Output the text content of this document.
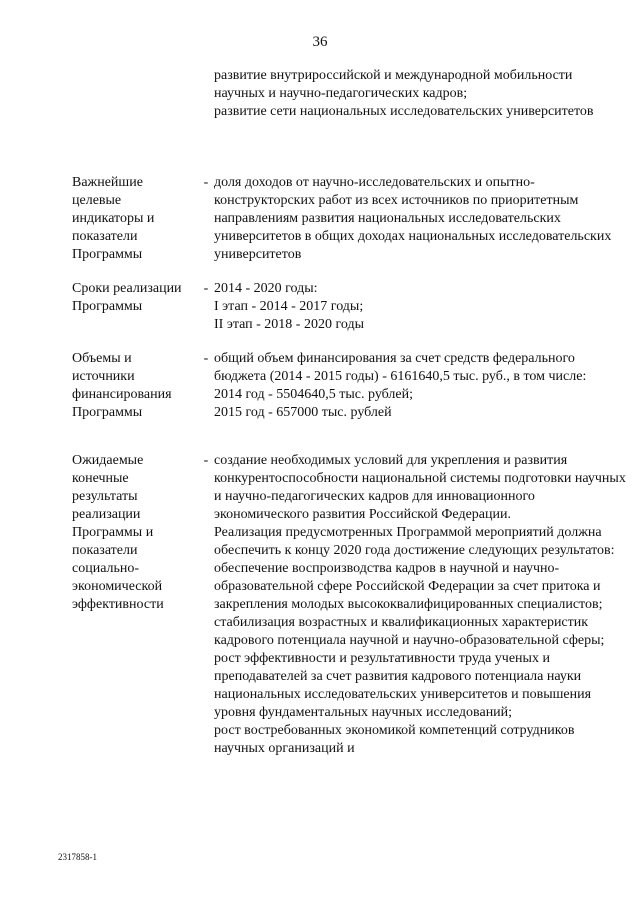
36

развитие внутрироссийской и международной мобильности научных и научно-педагогических кадров;

развитие сети национальных исследовательских университетов

Важнейшие
целевые
индикаторы и
показатели
Программы
- доля доходов от научно-исследовательских и опытно-конструкторских работ из всех источников по приоритетным направлениям развития национальных исследовательских университетов в общих доходах национальных исследовательских университетов

Сроки реализации
Программы
- 2014 - 2020 годы:

I этап - 2014 - 2017 годы;

II этап - 2018 - 2020 годы

Объемы и
источники
финансирования
Программы
- общий объем финансирования за счет средств федерального бюджета (2014 - 2015 годы) - 6161640,5 тыс. руб., в том числе:

2014 год - 5504640,5 тыс. рублей;

2015 год - 657000 тыс. рублей

Ожидаемые
конечные
результаты
реализации
Программы и
показатели
социально-
экономической
эффективности
- создание необходимых условий для укрепления и развития конкурентоспособности национальной системы подготовки научных и научно-педагогических кадров для инновационного экономического развития Российской Федерации.

Реализация предусмотренных Программой мероприятий должна обеспечить к концу 2020 года достижение следующих результатов:

обеспечение воспроизводства кадров в научной и научно-образовательной сфере Российской Федерации за счет притока и закрепления молодых высококвалифицированных специалистов;

стабилизация возрастных и квалификационных характеристик кадрового потенциала научной и научно-образовательной сферы;

рост эффективности и результативности труда ученых и преподавателей за счет развития кадрового потенциала науки национальных исследовательских университетов и повышения уровня фундаментальных научных исследований;

рост востребованных экономикой компетенций сотрудников научных организаций и

2317858-1
